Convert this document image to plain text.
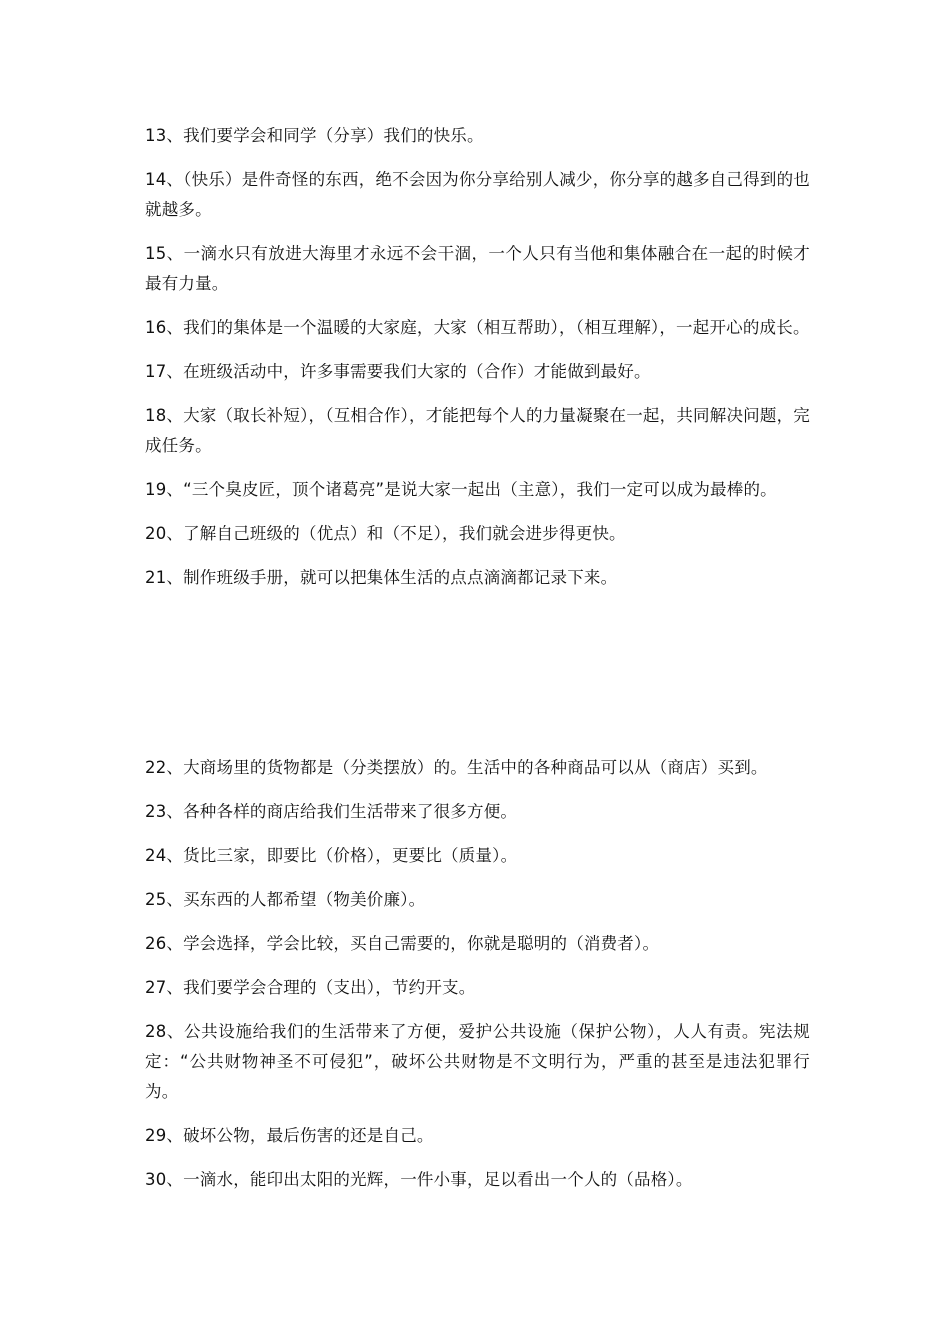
13、我们要学会和同学（分享）我们的快乐。

14、（快乐）是件奇怪的东西，绝不会因为你分享给别人减少，你分享的越多自己得到的也就越多。

15、一滴水只有放进大海里才永远不会干涸，一个人只有当他和集体融合在一起的时候才最有力量。

16、我们的集体是一个温暖的大家庭，大家（相互帮助），（相互理解），一起开心的成长。

17、在班级活动中，许多事需要我们大家的（合作）才能做到最好。

18、大家（取长补短），（互相合作），才能把每个人的力量凝聚在一起，共同解决问题，完成任务。

19、“三个臭皮匠，顶个诸葛亮”是说大家一起出（主意），我们一定可以成为最棒的。

20、了解自己班级的（优点）和（不足），我们就会进步得更快。

21、制作班级手册，就可以把集体生活的点点滴滴都记录下来。

22、大商场里的货物都是（分类摆放）的。生活中的各种商品可以从（商店）买到。

23、各种各样的商店给我们生活带来了很多方便。

24、货比三家，即要比（价格），更要比（质量）。

25、买东西的人都希望（物美价廉）。

26、学会选择，学会比较，买自己需要的，你就是聪明的（消费者）。

27、我们要学会合理的（支出），节约开支。

28、公共设施给我们的生活带来了方便，爱护公共设施（保护公物），人人有责。宪法规定：“公共财物神圣不可侵犯”，破坏公共财物是不文明行为，严重的甚至是违法犯罪行为。

29、破坏公物，最后伤害的还是自己。

30、一滴水，能印出太阳的光辉，一件小事，足以看出一个人的（品格）。
